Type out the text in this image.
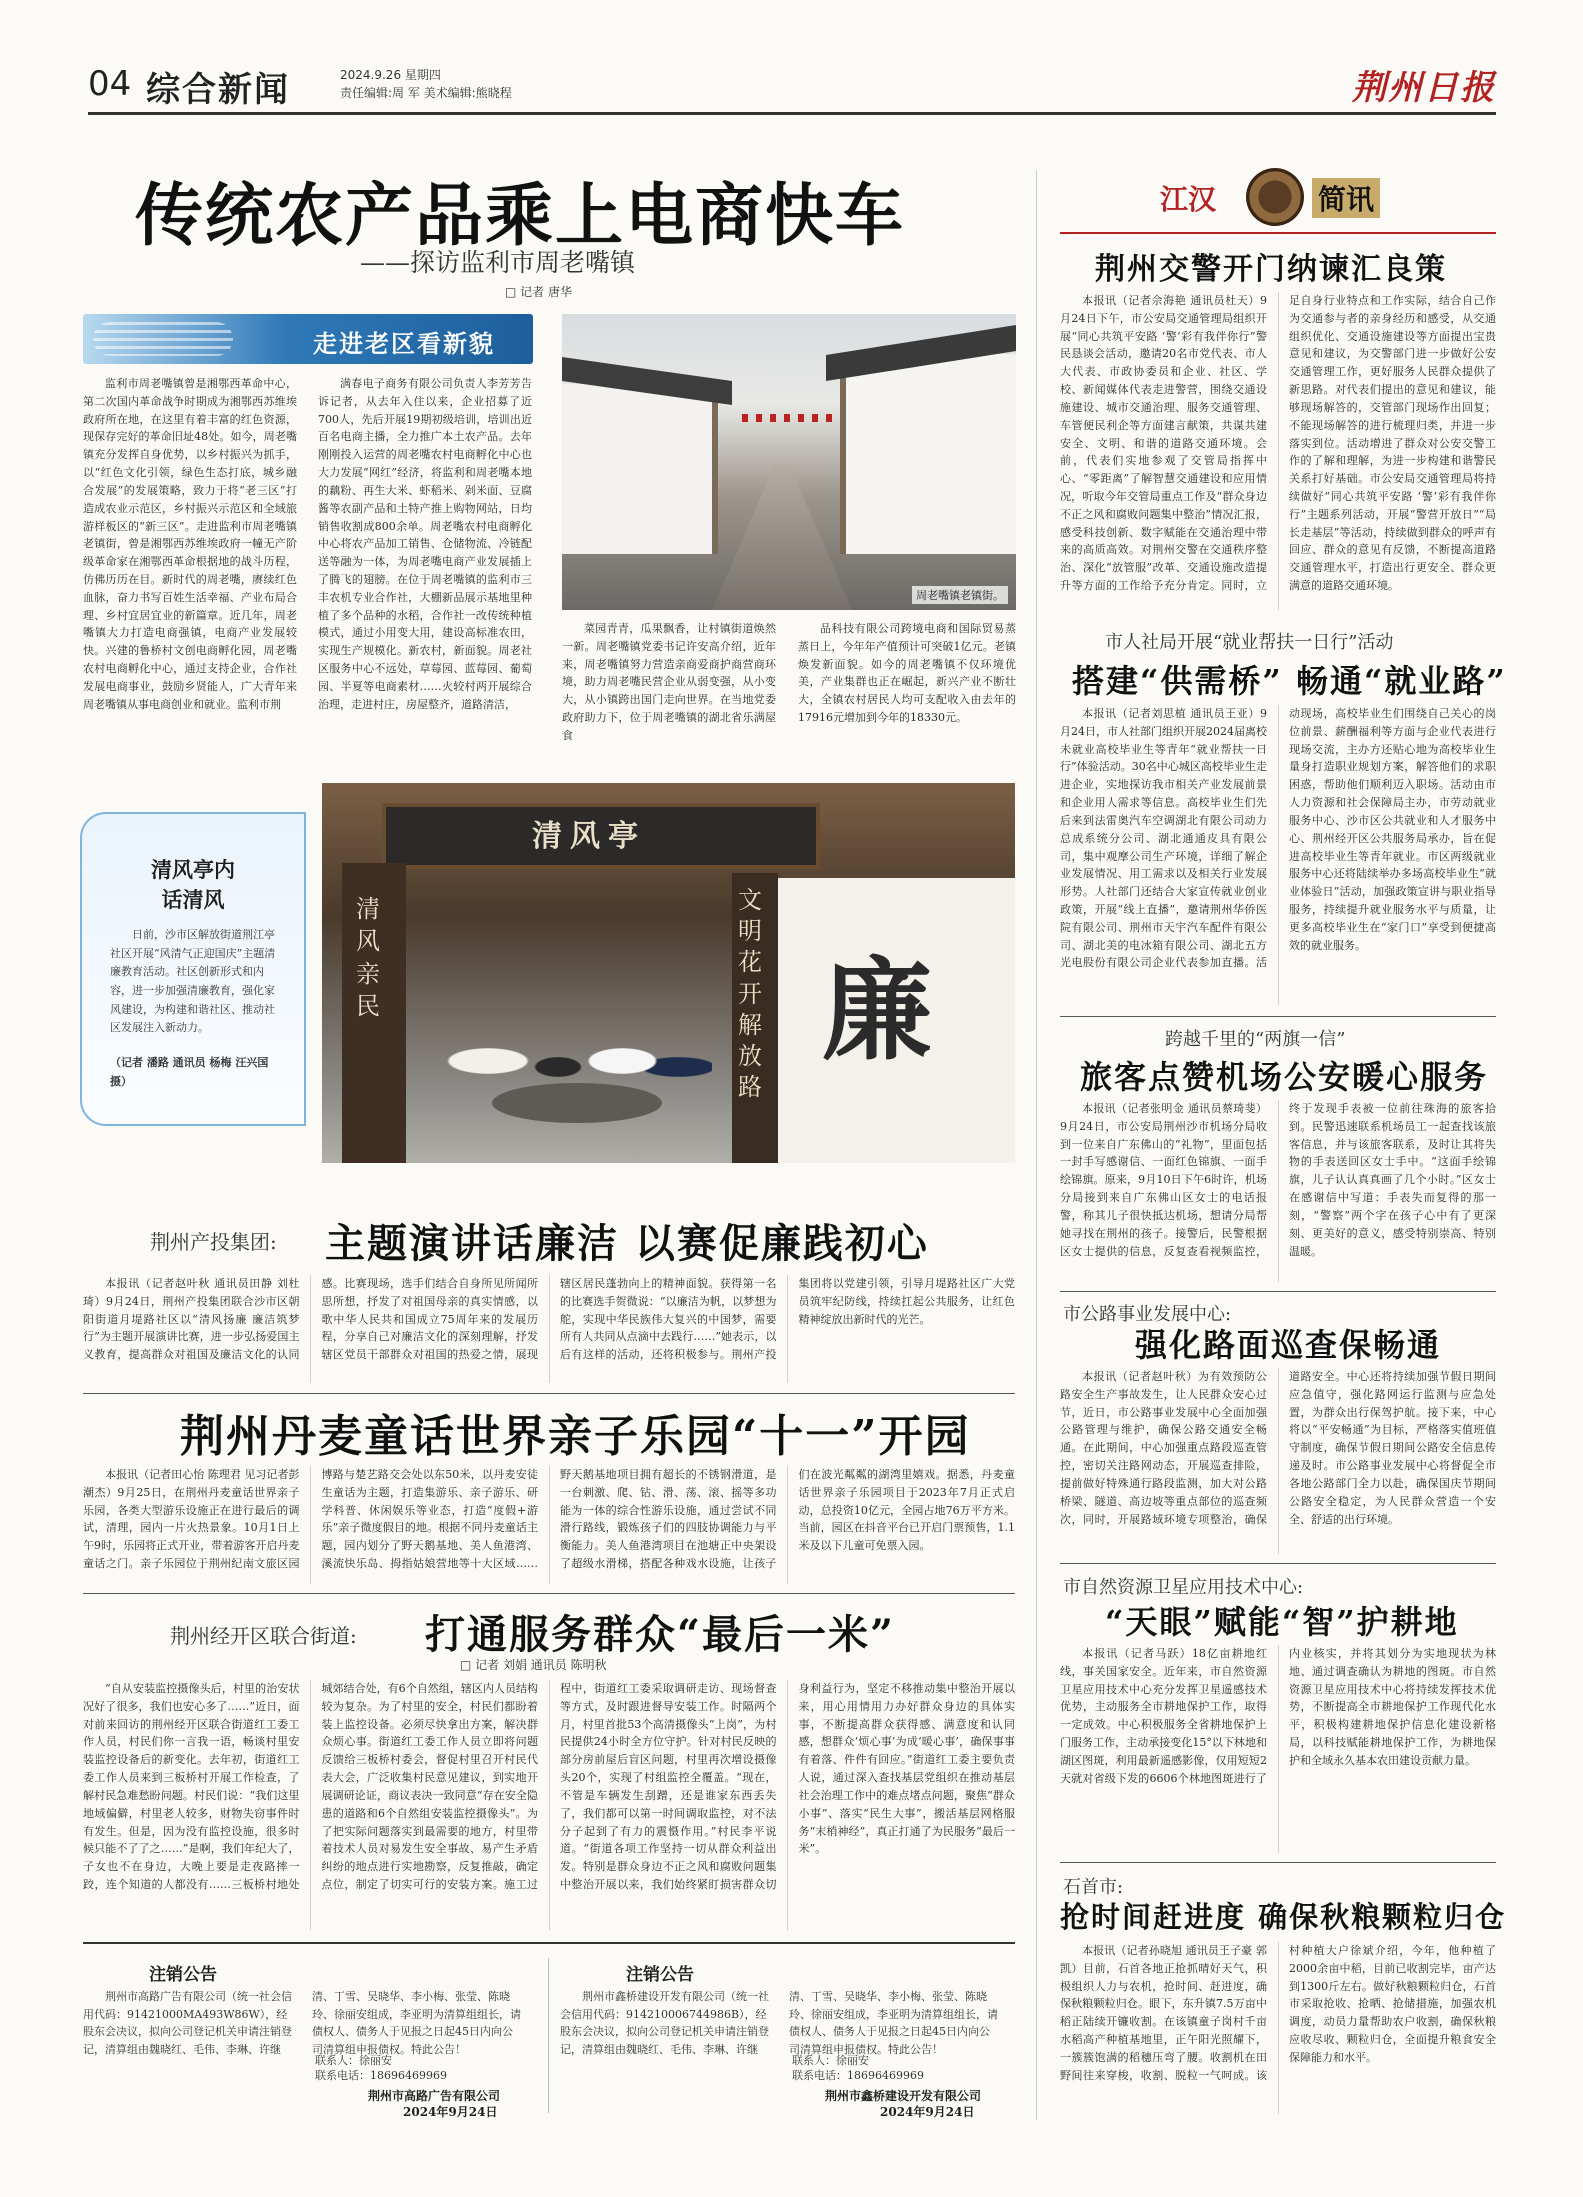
04 综合新闻	2024.9.26 星期四
责任编辑:周 军 美术编辑:熊晓程	荆州日报
传统农产品乘上电商快车
——探访监利市周老嘴镇
□ 记者 唐华
走进老区看新貌

监利市周老嘴镇曾是湘鄂西革命中心，第二次国内革命战争时期成为湘鄂西苏维埃政府所在地，在这里有着丰富的红色资源，现保存完好的革命旧址48处。如今，周老嘴镇充分发挥自身优势，以乡村振兴为抓手，以“红色文化引领，绿色生态打底，城乡融合发展”的发展策略，致力于将“老三区”打造成农业示范区，乡村振兴示范区和全域旅游样板区的“新三区”。走进监利市周老嘴镇老镇街，曾是湘鄂西苏维埃政府一幢无产阶级革命家在湘鄂西革命根据地的战斗历程，仿佛历历在目。新时代的周老嘴，赓续红色血脉，奋力书写百姓生活幸福、产业布局合理、乡村宜居宜业的新篇章。近几年，周老嘴镇大力打造电商强镇，电商产业发展较快。兴建的鲁桥村文创电商孵化园，周老嘴农村电商孵化中心，通过支持企业，合作社发展电商事业，鼓励乡贤能人，广大青年来周老嘴镇从事电商创业和就业。监利市荆

满春电子商务有限公司负责人李芳芳告诉记者，从去年入住以来，企业招募了近700人，先后开展19期初级培训，培训出近百名电商主播，全力推广本土农产品。去年刚刚投入运营的周老嘴农村电商孵化中心也大力发展“网红”经济，将监利和周老嘴本地的藕粉、再生大米、虾稻米、剁米面、豆腐酱等农副产品和土特产推上购物网站，日均销售收割成800余单。周老嘴农村电商孵化中心将农产品加工销售、仓储物流、冷链配送等融为一体，为周老嘴电商产业发展插上了腾飞的翅膀。在位于周老嘴镇的监利市三丰农机专业合作社，大棚新品展示基地里种植了多个品种的水稻，合作社一改传统种植模式，通过小用变大用，建设高标准农田，实现生产规模化。新农村，新面貌。周老社区服务中心不远处，草莓园、蓝莓园、葡萄园、半夏等电商素材……火较村两开展综合治理，走进村庄，房屋整齐，道路清洁，

周老嘴镇老镇街。

菜园青青，瓜果飘香，让村镇街道焕然一新。周老嘴镇党委书记许安高介绍，近年来，周老嘴镇努力营造亲商爱商护商营商环境，助力周老嘴民营企业从弱变强，从小变大，从小镇跨出国门走向世界。在当地党委政府助力下，位于周老嘴镇的湖北省乐满屋食

品科技有限公司跨境电商和国际贸易蒸蒸日上，今年年产值预计可突破1亿元。老镇焕发新面貌。如今的周老嘴镇不仅环境优美，产业集群也正在崛起，新兴产业不断壮大，全镇农村居民人均可支配收入由去年的17916元增加到今年的18330元。

清风亭内
话清风
日前，沙市区解放街道荆江亭社区开展“风清气正迎国庆”主题清廉教育活动。社区创新形式和内容，进一步加强清廉教育，强化家风建设，为构建和谐社区、推动社区发展注入新动力。
（记者 潘路 通讯员 杨梅 汪兴国 摄）
清风亭
清风亲民
文明花开解放路
廉
荆州产投集团: 主题演讲话廉洁 以赛促廉践初心

本报讯（记者赵叶秋 通讯员田静 刘杜琦）9月24日，荆州产投集团联合沙市区朝阳街道月堤路社区以“清风扬廉 廉洁筑梦行”为主题开展演讲比赛，进一步弘扬爱国主义教育，提高群众对祖国及廉洁文化的认同感。比赛现场，选手们结合自身所见所闻所思所想，抒发了对祖国母亲的真实情感，以歌中华人民共和国成立75周年来的发展历程，分享自己对廉洁文化的深刻理解，抒发辖区党员干部群众对祖国的热爱之情，展现辖区居民蓬勃向上的精神面貌。获得第一名的比赛选手贺微说：“以廉洁为帆，以梦想为舵，实现中华民族伟大复兴的中国梦，需要所有人共同从点滴中去践行……”她表示，以后有这样的活动，还将积极参与。荆州产投集团将以党建引领，引导月堤路社区广大党员筑牢纪防线，持续扛起公共服务，让红色精神绽放出新时代的光芒。

荆州丹麦童话世界亲子乐园“十一”开园

本报讯（记者田心怡 陈理君 见习记者彭潮杰）9月25日，在荆州丹麦童话世界亲子乐园，各类大型游乐设施正在进行最后的调试，清理，园内一片火热景象。10月1日上午9时，乐园将正式开业，带着游客开启丹麦童话之门。亲子乐园位于荆州纪南文旅区园博路与楚艺路交会处以东50米，以丹麦安徒生童话为主题，打造集游乐、亲子游乐、研学科普、休闲娱乐等业态，打造“度假+游乐”亲子微度假目的地。根据不同丹麦童话主题，园内划分了野天鹅基地、美人鱼港湾、溪流快乐岛、拇指姑娘营地等十大区域……野天鹅基地项目拥有超长的不锈钢滑道，是一台刺激、爬、钻、滑、荡、滚、摇等多功能为一体的综合性游乐设施，通过尝试不同滑行路线，锻炼孩子们的四肢协调能力与平衡能力。美人鱼港湾项目在池塘正中央架设了超级水滑梯，搭配各种戏水设施，让孩子们在波光粼粼的湖湾里嬉戏。据悉，丹麦童话世界亲子乐园项目于2023年7月正式启动，总投资10亿元，全园占地76万平方米。当前，园区在抖音平台已开启门票预售，1.1米及以下儿童可免票入园。

荆州经开区联合街道: 打通服务群众“最后一米”
□ 记者 刘娟 通讯员 陈明秋

“自从安装监控摄像头后，村里的治安状况好了很多，我们也安心多了……”近日，面对前来回访的荆州经开区联合街道红工委工作人员，村民们你一言我一语，畅谈村里安装监控设备后的新变化。去年初，街道红工委工作人员来到三板桥村开展工作检查，了解村民急难愁盼问题。村民们说：“我们这里地域偏僻，村里老人较多，财物失窃事件时有发生。但是，因为没有监控设施，很多时候只能不了了之……”是啊，我们年纪大了，子女也不在身边，大晚上要是走夜路摔一跤，连个知道的人都没有……三板桥村地处城郊结合处，有6个自然组，辖区内人员结构较为复杂。为了村里的安全，村民们都盼着装上监控设备。必须尽快拿出方案，解决群众烦心事。街道红工委工作人员立即将问题反馈给三板桥村委会，督促村里召开村民代表大会，广泛收集村民意见建议，到实地开展调研论证，商议表决一致同意“存在安全隐患的道路和6个自然组安装监控摄像头”。为了把实际问题落实到最需要的地方，村里带着技术人员对易发生安全事故、易产生矛盾纠纷的地点进行实地勘察，反复推敲，确定点位，制定了切实可行的安装方案。施工过程中，街道红工委采取调研走访、现场督查等方式，及时跟进督导安装工作。时隔两个月，村里首批53个高清摄像头“上岗”，为村民提供24小时全方位守护。针对村民反映的部分房前屋后盲区问题，村里再次增设摄像头20个，实现了村组监控全覆盖。“现在，不管是车辆发生刮蹭，还是谁家东西丢失了，我们都可以第一时间调取监控，对不法分子起到了有力的震慑作用。”村民李平说道。“街道各项工作坚持一切从群众利益出发。特别是群众身边不正之风和腐败问题集中整治开展以来，我们始终紧盯损害群众切身利益行为，坚定不移推动集中整治开展以来，用心用情用力办好群众身边的具体实事，不断提高群众获得感、满意度和认同感，想群众‘烦心事’为成‘暖心事’，确保事事有着落、件件有回应。”街道红工委主要负责人说，通过深入查找基层党组织在推动基层社会治理工作中的难点堵点问题，聚焦“群众小事”、落实“民生大事”，搬活基层网格服务“末梢神经”，真正打通了为民服务“最后一米”。

注销公告
荆州市高路广告有限公司（统一社会信用代码：91421000MA493W86W），经股东会决议，拟向公司登记机关申请注销登记，清算组由魏晓红、毛伟、李琳、许继清、丁雪、吴晓华、李小梅、张莹、陈晓玲、徐丽安组成，李亚明为清算组组长，请债权人、债务人于见报之日起45日内向公司清算组申报债权。特此公告！
联系人：徐丽安
联系电话：18696469969
荆州市高路广告有限公司
2024年9月24日
注销公告
荆州市鑫桥建设开发有限公司（统一社会信用代码：914210006744986B），经股东会决议，拟向公司登记机关申请注销登记，清算组由魏晓红、毛伟、李琳、许继清、丁雪、吴晓华、李小梅、张莹、陈晓玲、徐丽安组成，李亚明为清算组组长，请债权人、债务人于见报之日起45日内向公司清算组申报债权。特此公告！
联系人：徐丽安
联系电话：18696469969
荆州市鑫桥建设开发有限公司
2024年9月24日
江汉	简讯
荆州交警开门纳谏汇良策

本报讯（记者佘海艳 通讯员杜天）9月24日下午，市公安局交通管理局组织开展“同心共筑平安路 ‘警’彩有我伴你行”警民恳谈会活动，邀请20名市党代表、市人大代表、市政协委员和企业、社区、学校、新闻媒体代表走进警营，围绕交通设施建设、城市交通治理、服务交通管理、车管便民利企等方面建言献策，共谋共建安全、文明、和谐的道路交通环境。会前，代表们实地参观了交管局指挥中心、“零距离”了解智慧交通建设和应用情况，听取今年交管局重点工作及“群众身边不正之风和腐败问题集中整治”情况汇报，感受科技创新、数字赋能在交通治理中带来的高质高效。对荆州交警在交通秩序整治、深化“放管服”改革、交通设施改造提升等方面的工作给予充分肯定。同时，立足自身行业特点和工作实际，结合自己作为交通参与者的亲身经历和感受，从交通组织优化、交通设施建设等方面提出宝贵意见和建议，为交警部门进一步做好公安交通管理工作，更好服务人民群众提供了新思路。对代表们提出的意见和建议，能够现场解答的，交管部门现场作出回复；不能现场解答的进行梳理归类，并进一步落实到位。活动增进了群众对公安交警工作的了解和理解，为进一步构建和谐警民关系打好基础。市公安局交通管理局将持续做好“同心共筑平安路 ‘警’彩有我伴你行”主题系列活动，开展“警营开放日”“局长走基层”等活动，持续做到群众的呼声有回应、群众的意见有反馈，不断提高道路交通管理水平，打造出行更安全、群众更满意的道路交通环境。

市人社局开展“就业帮扶一日行”活动
搭建“供需桥” 畅通“就业路”

本报讯（记者刘思植 通讯员王亚）9月24日，市人社部门组织开展2024届离校未就业高校毕业生等青年“就业帮扶一日行”体验活动。30名中心城区高校毕业生走进企业，实地探访我市相关产业发展前景和企业用人需求等信息。高校毕业生们先后来到法雷奥汽车空调湖北有限公司动力总成系统分公司、湖北通通皮具有限公司，集中观摩公司生产环境，详细了解企业发展情况、用工需求以及相关行业发展形势。人社部门还结合大家宣传就业创业政策，开展“线上直播”，邀请荆州华侨医院有限公司、荆州市天宇汽车配件有限公司、湖北美的电冰箱有限公司、湖北五方光电股份有限公司企业代表参加直播。活动现场，高校毕业生们围绕自己关心的岗位前景、薪酬福利等方面与企业代表进行现场交流，主办方还贴心地为高校毕业生量身打造职业规划方案，解答他们的求职困惑，帮助他们顺利迈入职场。活动由市人力资源和社会保障局主办，市劳动就业服务中心、沙市区公共就业和人才服务中心、荆州经开区公共服务局承办，旨在促进高校毕业生等青年就业。市区两级就业服务中心还将陆续举办多场高校毕业生“就业体验日”活动，加强政策宣讲与职业指导服务，持续提升就业服务水平与质量，让更多高校毕业生在“家门口”享受到便捷高效的就业服务。

跨越千里的“两旗一信”
旅客点赞机场公安暖心服务

本报讯（记者张明金 通讯员蔡琦斐）9月24日，市公安局荆州沙市机场分局收到一位来自广东佛山的“礼物”，里面包括一封手写感谢信、一面红色锦旗、一面手绘锦旗。原来，9月10日下午6时许，机场分局接到来自广东佛山区女士的电话报警，称其儿子很快抵达机场，想请分局帮她寻找在荆州的孩子。接警后，民警根据区女士提供的信息，反复查看视频监控，终于发现手表被一位前往珠海的旅客拾到。民警迅速联系机场员工一起查找该旅客信息，并与该旅客联系，及时让其将失物的手表送回区女士手中。“这面手绘锦旗，儿子认认真真画了几个小时。”区女士在感谢信中写道：手表失而复得的那一刻，“警察”两个字在孩子心中有了更深刻、更美好的意义，感受特别崇高、特别温暖。

市公路事业发展中心:
强化路面巡查保畅通

本报讯（记者赵叶秋）为有效预防公路安全生产事故发生，让人民群众安心过节，近日，市公路事业发展中心全面加强公路管理与维护，确保公路交通安全畅通。在此期间，中心加强重点路段巡查管控，密切关注路网动态，开展巡查排险，提前做好特殊通行路段监测，加大对公路桥梁、隧道、高边坡等重点部位的巡查频次，同时，开展路域环境专项整治，确保道路安全。中心还将持续加强节假日期间应急值守，强化路网运行监测与应急处置，为群众出行保驾护航。接下来，中心将以“平安畅通”为目标，严格落实值班值守制度，确保节假日期间公路安全信息传递及时。市公路事业发展中心将督促全市各地公路部门全力以赴，确保国庆节期间公路安全稳定，为人民群众营造一个安全、舒适的出行环境。

市自然资源卫星应用技术中心:
“天眼”赋能“智”护耕地

本报讯（记者马跃）18亿亩耕地红线，事关国家安全。近年来，市自然资源卫星应用技术中心充分发挥卫星遥感技术优势，主动服务全市耕地保护工作，取得一定成效。中心积极服务全省耕地保护上门服务工作，主动承接变化15°以下林地和湖区图斑，利用最新遥感影像，仅用短短2天就对省级下发的6606个林地图斑进行了内业核实，并将其划分为实地现状为林地、通过调查确认为耕地的图斑。市自然资源卫星应用技术中心将持续发挥技术优势，不断提高全市耕地保护工作现代化水平，积极构建耕地保护信息化建设新格局，以科技赋能耕地保护工作，为耕地保护和全域永久基本农田建设贡献力量。

石首市:
抢时间赶进度 确保秋粮颗粒归仓

本报讯（记者孙晓旭 通讯员王子豪 郭凯）目前，石首各地正抢抓晴好天气，积极组织人力与农机，抢时间、赶进度，确保秋粮颗粒归仓。眼下，东升镇7.5万亩中稻正陆续开镰收割。在该镇童子岗村千亩水稻高产种植基地里，正午阳光照耀下，一簇簇饱满的稻穗压弯了腰。收割机在田野间往来穿梭，收割、脱粒一气呵成。该村种植大户徐斌介绍，今年，他种植了2000余亩中稻，目前已收割完毕，亩产达到1300斤左右。做好秋粮颗粒归仓，石首市采取抢收、抢晒、抢储措施，加强农机调度，动员力量帮助农户收割，确保秋粮应收尽收、颗粒归仓，全面提升粮食安全保障能力和水平。
